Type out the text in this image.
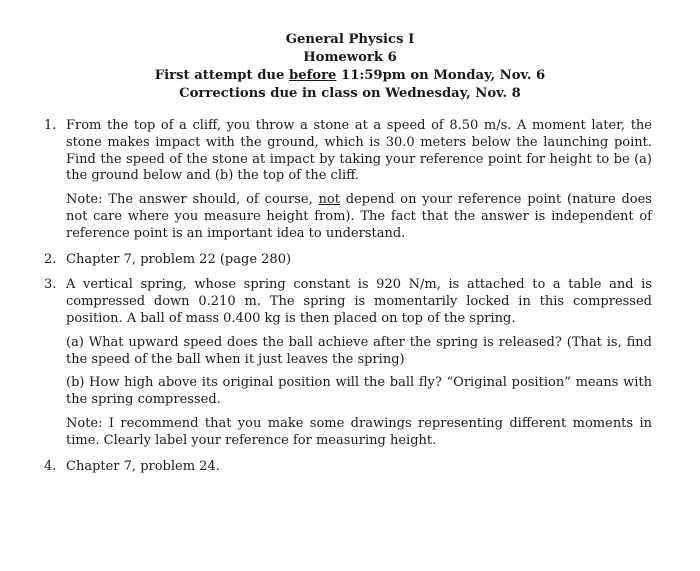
General Physics I
Homework 6
First attempt due before 11:59pm on Monday, Nov. 6
Corrections due in class on Wednesday, Nov. 8
1. From the top of a cliff, you throw a stone at a speed of 8.50 m/s. A moment later, the stone makes impact with the ground, which is 30.0 meters below the launching point. Find the speed of the stone at impact by taking your reference point for height to be (a) the ground below and (b) the top of the cliff.

Note: The answer should, of course, not depend on your reference point (nature does not care where you measure height from). The fact that the answer is independent of reference point is an important idea to understand.

2. Chapter 7, problem 22 (page 280)

3. A vertical spring, whose spring constant is 920 N/m, is attached to a table and is compressed down 0.210 m. The spring is momentarily locked in this compressed position. A ball of mass 0.400 kg is then placed on top of the spring.

(a) What upward speed does the ball achieve after the spring is released? (That is, find the speed of the ball when it just leaves the spring)

(b) How high above its original position will the ball fly? “Original position” means with the spring compressed.

Note: I recommend that you make some drawings representing different moments in time. Clearly label your reference for measuring height.

4. Chapter 7, problem 24.
